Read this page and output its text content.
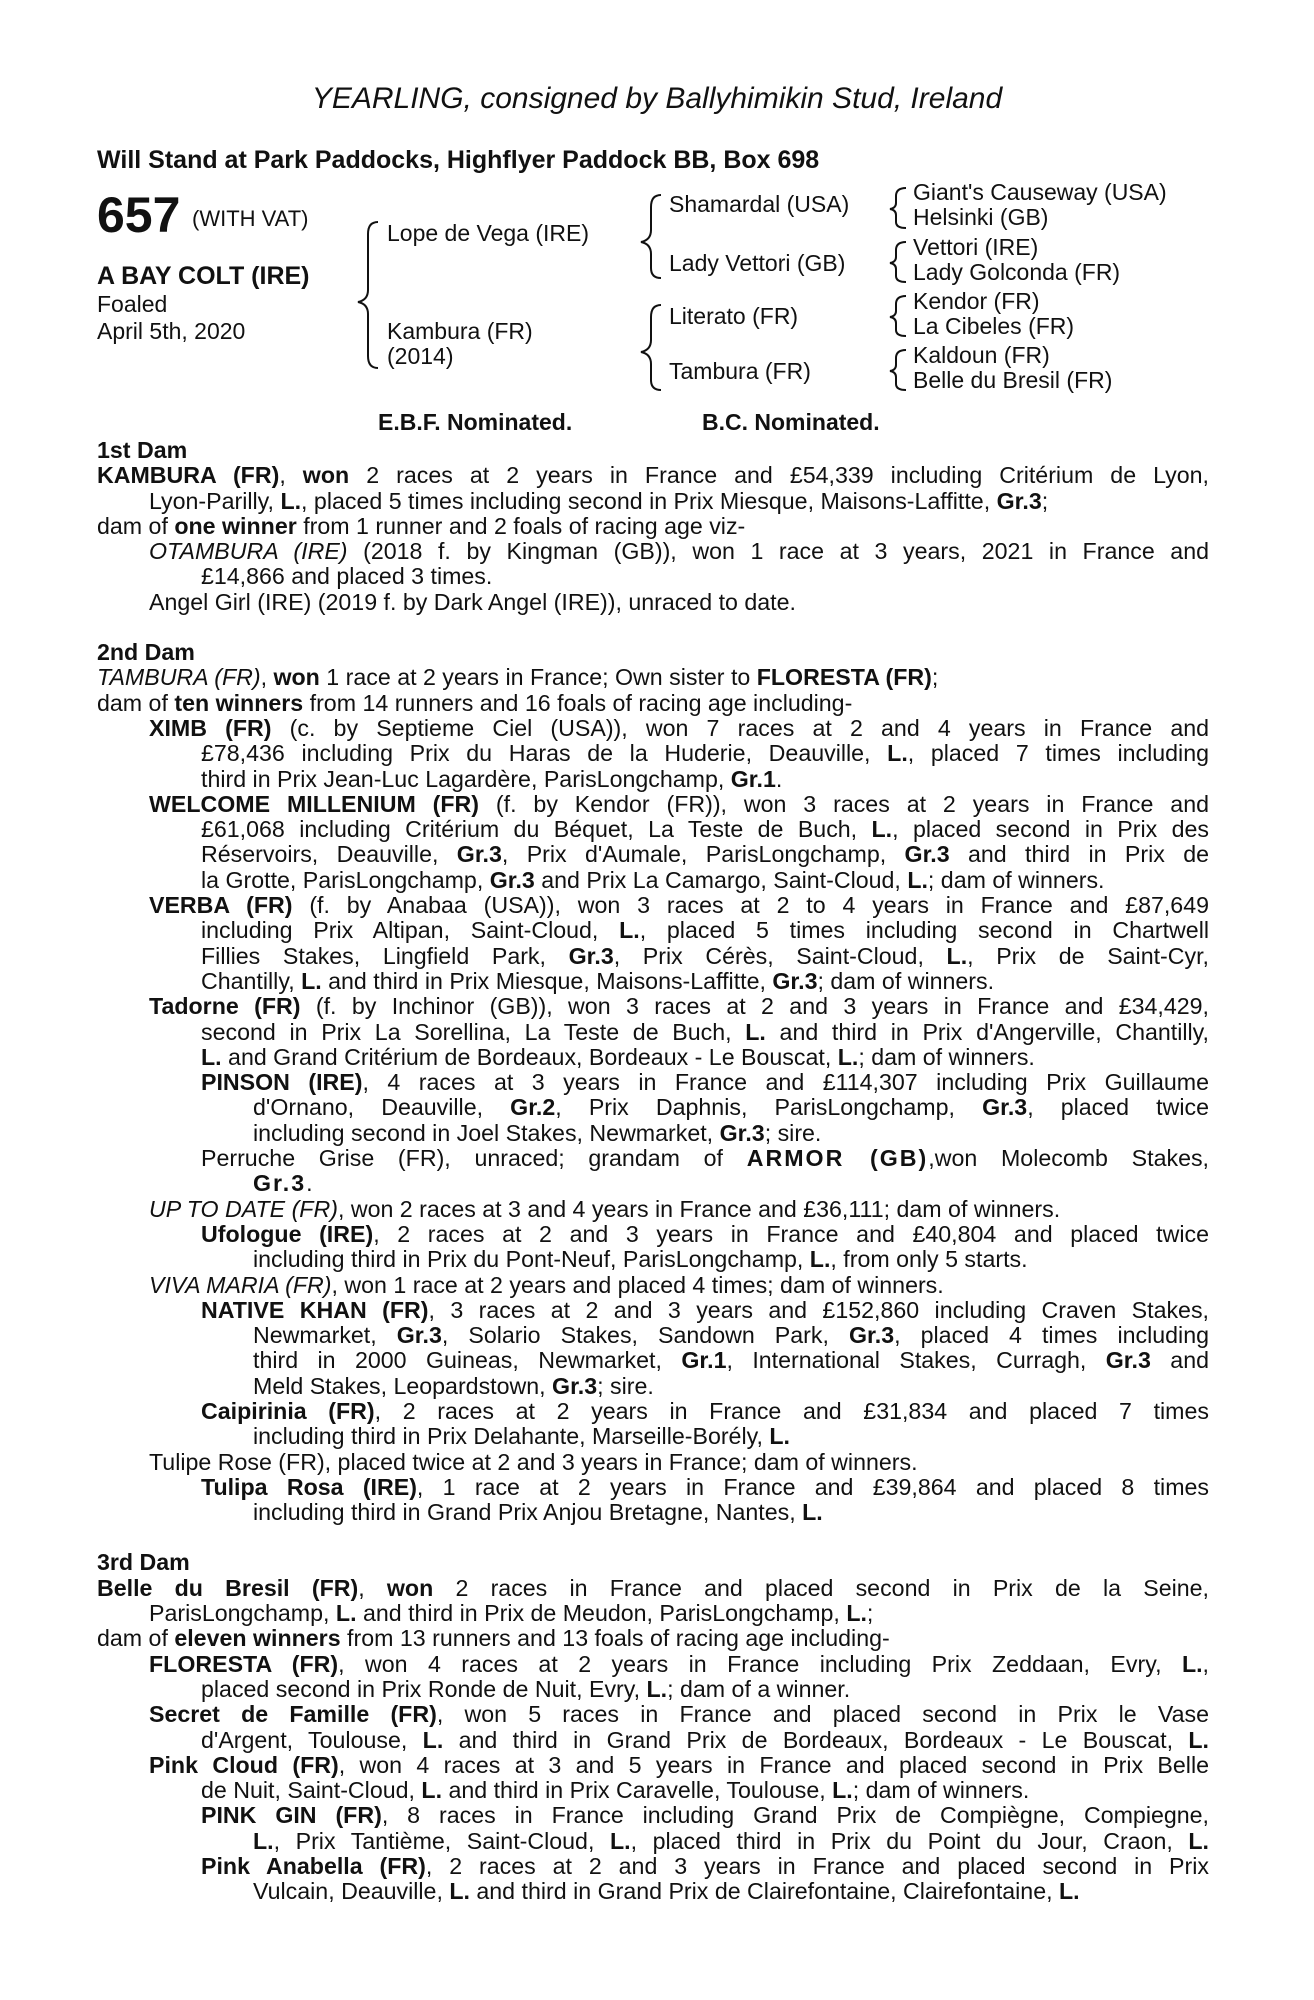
YEARLING, consigned by Ballyhimikin Stud, Ireland
Will Stand at Park Paddocks, Highflyer Paddock BB, Box 698
657 (WITH VAT)
A BAY COLT (IRE)
Foaled
April 5th, 2020
Lope de Vega (IRE)
Kambura (FR)
(2014)
Shamardal (USA)
Lady Vettori (GB)
Literato (FR)
Tambura (FR)
Giant's Causeway (USA)
Helsinki (GB)
Vettori (IRE)
Lady Golconda (FR)
Kendor (FR)
La Cibeles (FR)
Kaldoun (FR)
Belle du Bresil (FR)
E.B.F. Nominated.	B.C. Nominated.
1st Dam
KAMBURA (FR), won 2 races at 2 years in France and £54,339 including Critérium de Lyon,
Lyon-Parilly, L., placed 5 times including second in Prix Miesque, Maisons-Laffitte, Gr.3;
dam of one winner from 1 runner and 2 foals of racing age viz-
OTAMBURA (IRE) (2018 f. by Kingman (GB)), won 1 race at 3 years, 2021 in France and
£14,866 and placed 3 times.
Angel Girl (IRE) (2019 f. by Dark Angel (IRE)), unraced to date.
2nd Dam
TAMBURA (FR), won 1 race at 2 years in France; Own sister to FLORESTA (FR);
dam of ten winners from 14 runners and 16 foals of racing age including-
XIMB (FR) (c. by Septieme Ciel (USA)), won 7 races at 2 and 4 years in France and
£78,436 including Prix du Haras de la Huderie, Deauville, L., placed 7 times including
third in Prix Jean-Luc Lagardère, ParisLongchamp, Gr.1.
WELCOME MILLENIUM (FR) (f. by Kendor (FR)), won 3 races at 2 years in France and
£61,068 including Critérium du Béquet, La Teste de Buch, L., placed second in Prix des
Réservoirs, Deauville, Gr.3, Prix d'Aumale, ParisLongchamp, Gr.3 and third in Prix de
la Grotte, ParisLongchamp, Gr.3 and Prix La Camargo, Saint-Cloud, L.; dam of winners.
VERBA (FR) (f. by Anabaa (USA)), won 3 races at 2 to 4 years in France and £87,649
including Prix Altipan, Saint-Cloud, L., placed 5 times including second in Chartwell
Fillies Stakes, Lingfield Park, Gr.3, Prix Cérès, Saint-Cloud, L., Prix de Saint-Cyr,
Chantilly, L. and third in Prix Miesque, Maisons-Laffitte, Gr.3; dam of winners.
Tadorne (FR) (f. by Inchinor (GB)), won 3 races at 2 and 3 years in France and £34,429,
second in Prix La Sorellina, La Teste de Buch, L. and third in Prix d'Angerville, Chantilly,
L. and Grand Critérium de Bordeaux, Bordeaux - Le Bouscat, L.; dam of winners.
PINSON (IRE), 4 races at 3 years in France and £114,307 including Prix Guillaume
d'Ornano, Deauville, Gr.2, Prix Daphnis, ParisLongchamp, Gr.3, placed twice
including second in Joel Stakes, Newmarket, Gr.3; sire.
Perruche Grise (FR), unraced; grandam of ARMOR (GB),won Molecomb Stakes,
Gr.3.
UP TO DATE (FR), won 2 races at 3 and 4 years in France and £36,111; dam of winners.
Ufologue (IRE), 2 races at 2 and 3 years in France and £40,804 and placed twice
including third in Prix du Pont-Neuf, ParisLongchamp, L., from only 5 starts.
VIVA MARIA (FR), won 1 race at 2 years and placed 4 times; dam of winners.
NATIVE KHAN (FR), 3 races at 2 and 3 years and £152,860 including Craven Stakes,
Newmarket, Gr.3, Solario Stakes, Sandown Park, Gr.3, placed 4 times including
third in 2000 Guineas, Newmarket, Gr.1, International Stakes, Curragh, Gr.3 and
Meld Stakes, Leopardstown, Gr.3; sire.
Caipirinia (FR), 2 races at 2 years in France and £31,834 and placed 7 times
including third in Prix Delahante, Marseille-Borély, L.
Tulipe Rose (FR), placed twice at 2 and 3 years in France; dam of winners.
Tulipa Rosa (IRE), 1 race at 2 years in France and £39,864 and placed 8 times
including third in Grand Prix Anjou Bretagne, Nantes, L.
3rd Dam
Belle du Bresil (FR), won 2 races in France and placed second in Prix de la Seine,
ParisLongchamp, L. and third in Prix de Meudon, ParisLongchamp, L.;
dam of eleven winners from 13 runners and 13 foals of racing age including-
FLORESTA (FR), won 4 races at 2 years in France including Prix Zeddaan, Evry, L.,
placed second in Prix Ronde de Nuit, Evry, L.; dam of a winner.
Secret de Famille (FR), won 5 races in France and placed second in Prix le Vase
d'Argent, Toulouse, L. and third in Grand Prix de Bordeaux, Bordeaux - Le Bouscat, L.
Pink Cloud (FR), won 4 races at 3 and 5 years in France and placed second in Prix Belle
de Nuit, Saint-Cloud, L. and third in Prix Caravelle, Toulouse, L.; dam of winners.
PINK GIN (FR), 8 races in France including Grand Prix de Compiègne, Compiegne,
L., Prix Tantième, Saint-Cloud, L., placed third in Prix du Point du Jour, Craon, L.
Pink Anabella (FR), 2 races at 2 and 3 years in France and placed second in Prix
Vulcain, Deauville, L. and third in Grand Prix de Clairefontaine, Clairefontaine, L.
